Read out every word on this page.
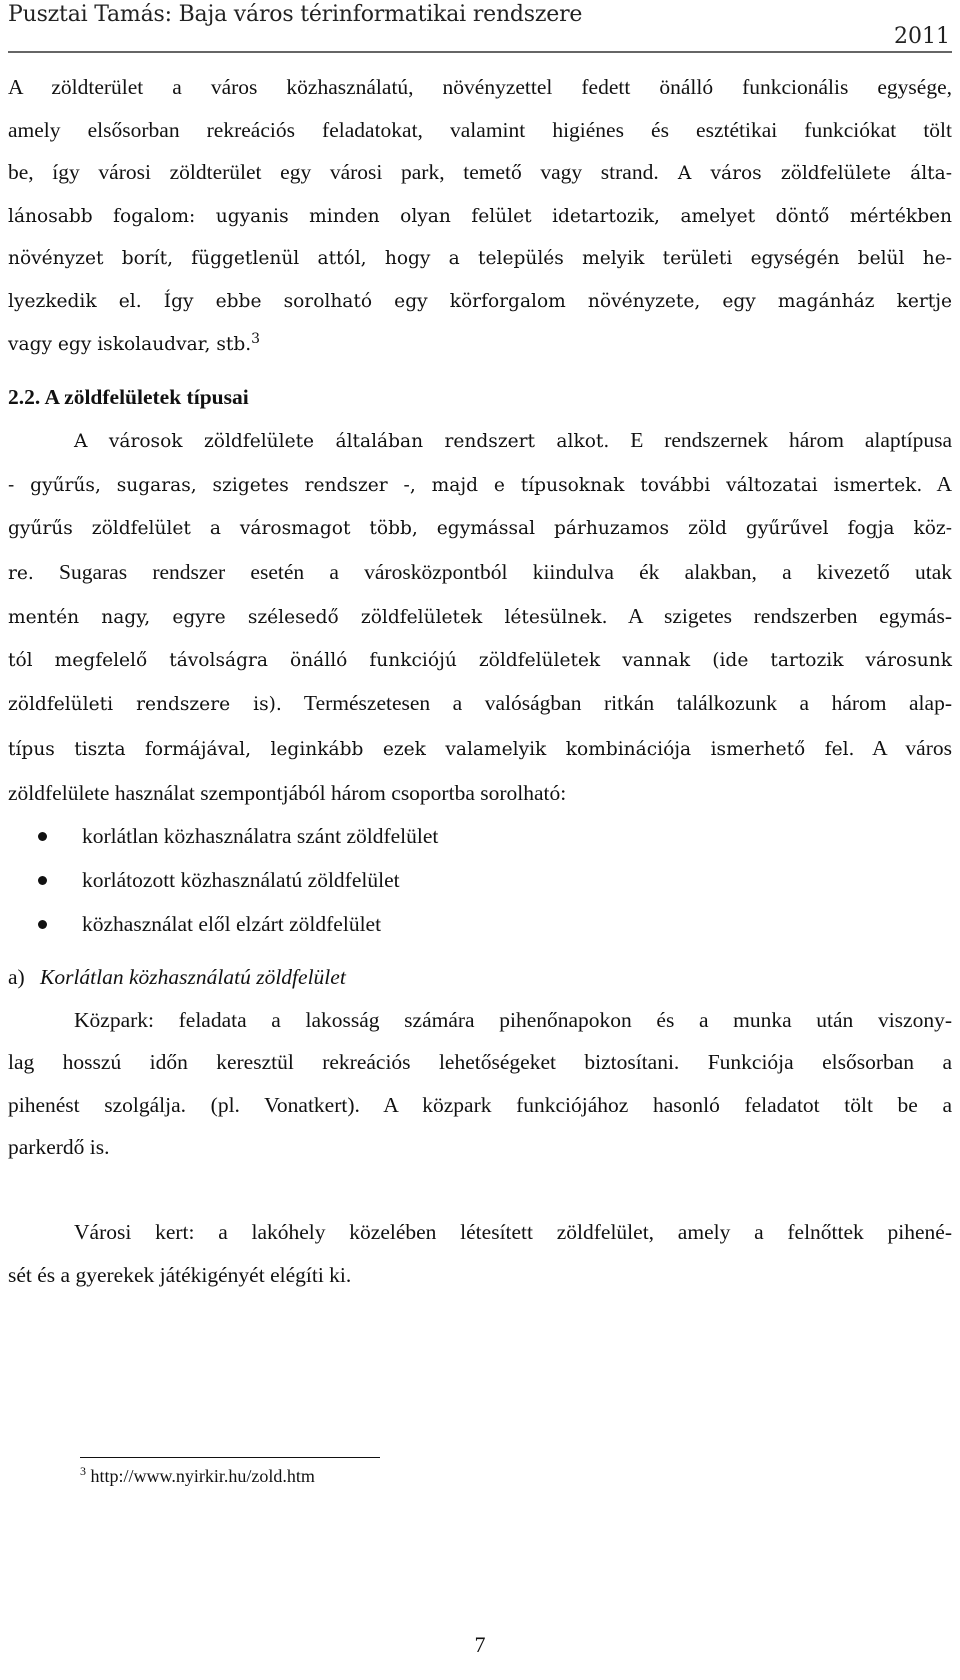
Pusztai Tamás: Baja város térinformatikai rendszere
2011

A zöldterület a város közhasználatú, növényzettel fedett önálló funkcionális egysége,
amely elsősorban rekreációs feladatokat, valamint higiénes és esztétikai funkciókat tölt
be, így városi zöldterület egy városi park, temető vagy strand. A város zöldfelülete álta-
lánosabb fogalom: ugyanis minden olyan felület idetartozik, amelyet döntő mértékben
növényzet borít, függetlenül attól, hogy a település melyik területi egységén belül he-
lyezkedik el. Így ebbe sorolható egy körforgalom növényzete, egy magánház kertje
vagy egy iskolaudvar, stb.$^3$

2.2. A zöldfelületek típusai

A városok zöldfelülete általában rendszert alkot. E rendszernek három alaptípusa
- gyűrűs, sugaras, szigetes rendszer -, majd e típusoknak további változatai ismertek. A
gyűrűs zöldfelület a városmagot több, egymással párhuzamos zöld gyűrűvel fogja köz-
re. Sugaras rendszer esetén a városközpontból kiindulva ék alakban, a kivezető utak
mentén nagy, egyre szélesedő zöldfelületek létesülnek. A szigetes rendszerben egymás-
tól megfelelő távolságra önálló funkciójú zöldfelületek vannak (ide tartozik városunk
zöldfelületi rendszere is). Természetesen a valóságban ritkán találkozunk a három alap-
típus tiszta formájával, leginkább ezek valamelyik kombinációja ismerhető fel. A város
zöldfelülete használat szempontjából három csoportba sorolható:

korlátlan közhasználatra szánt zöldfelület
korlátozott közhasználatú zöldfelület
közhasználat elől elzárt zöldfelület

a) Korlátlan közhasználatú zöldfelület

Közpark: feladata a lakosság számára pihenőnapokon és a munka után viszony-
lag hosszú időn keresztül rekreációs lehetőségeket biztosítani. Funkciója elsősorban a
pihenést szolgálja. (pl. Vonatkert). A közpark funkciójához hasonló feladatot tölt be a
parkerdő is.

Városi kert: a lakóhely közelében létesített zöldfelület, amely a felnőttek pihené-
sét és a gyerekek játékigényét elégíti ki.

$^3$ http://www.nyirkir.hu/zold.htm
7
